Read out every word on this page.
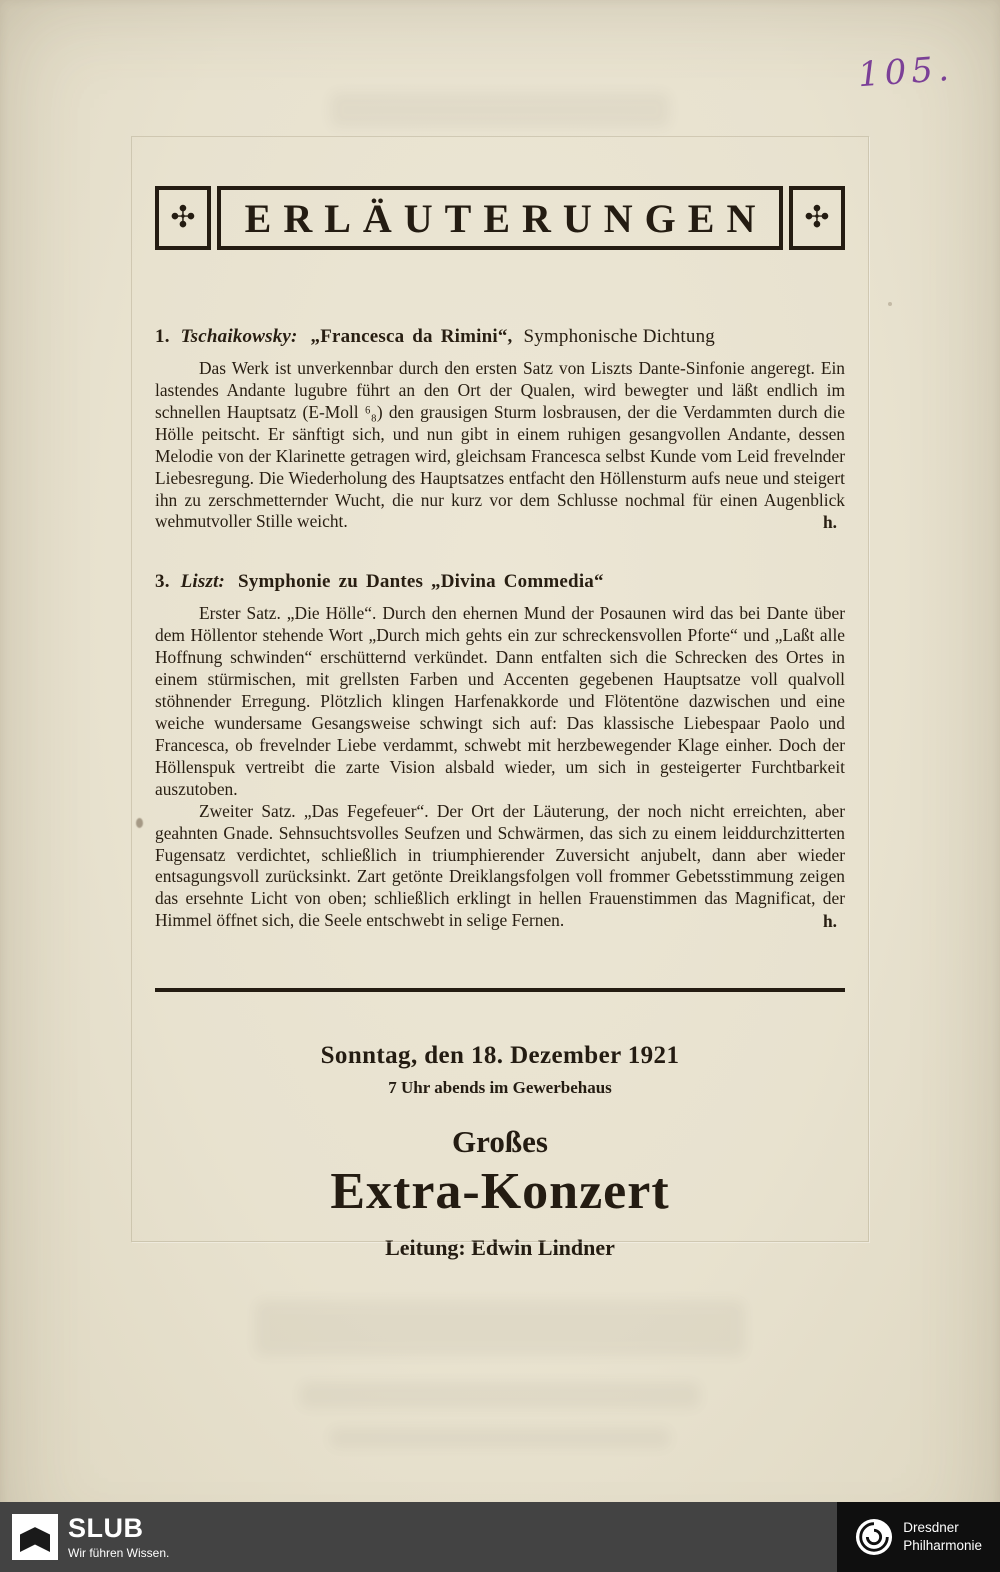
105.
✣	ERLÄUTERUNGEN	✣
1. Tschaikowsky: „Francesca da Rimini“, Symphonische Dichtung

Das Werk ist unverkennbar durch den ersten Satz von Liszts Dante-Sinfonie angeregt. Ein lastendes Andante lugubre führt an den Ort der Qualen, wird bewegter und läßt endlich im schnellen Hauptsatz (E-Moll ⁶₈) den grausigen Sturm losbrausen, der die Verdammten durch die Hölle peitscht. Er sänftigt sich, und nun gibt in einem ruhigen gesangvollen Andante, dessen Melodie von der Klarinette getragen wird, gleichsam Francesca selbst Kunde vom Leid frevelnder Liebesregung. Die Wiederholung des Hauptsatzes entfacht den Höllensturm aufs neue und steigert ihn zu zerschmetternder Wucht, die nur kurz vor dem Schlusse nochmal für einen Augenblick wehmutvoller Stille weicht.	h.
3. Liszt: Symphonie zu Dantes „Divina Commedia“

Erster Satz. „Die Hölle“. Durch den ehernen Mund der Posaunen wird das bei Dante über dem Höllentor stehende Wort „Durch mich gehts ein zur schreckensvollen Pforte“ und „Laßt alle Hoffnung schwinden“ erschütternd verkündet. Dann entfalten sich die Schrecken des Ortes in einem stürmischen, mit grellsten Farben und Accenten gegebenen Hauptsatze voll qualvoll stöhnender Erregung. Plötzlich klingen Harfenakkorde und Flötentöne dazwischen und eine weiche wundersame Gesangsweise schwingt sich auf: Das klassische Liebespaar Paolo und Francesca, ob frevelnder Liebe verdammt, schwebt mit herzbewegender Klage einher. Doch der Höllenspuk vertreibt die zarte Vision alsbald wieder, um sich in gesteigerter Furchtbarkeit auszutoben.

Zweiter Satz. „Das Fegefeuer“. Der Ort der Läuterung, der noch nicht erreichten, aber geahnten Gnade. Sehnsuchtsvolles Seufzen und Schwärmen, das sich zu einem leiddurchzitterten Fugensatz verdichtet, schließlich in triumphierender Zuversicht anjubelt, dann aber wieder entsagungsvoll zurücksinkt. Zart getönte Dreiklangsfolgen voll frommer Gebetsstimmung zeigen das ersehnte Licht von oben; schließlich erklingt in hellen Frauenstimmen das Magnificat, der Himmel öffnet sich, die Seele entschwebt in selige Fernen.	h.
Sonntag, den 18. Dezember 1921
7 Uhr abends im Gewerbehaus
Großes
Extra-Konzert
Leitung: Edwin Lindner
SLUB
Wir führen Wissen.
Dresdner
Philharmonie
